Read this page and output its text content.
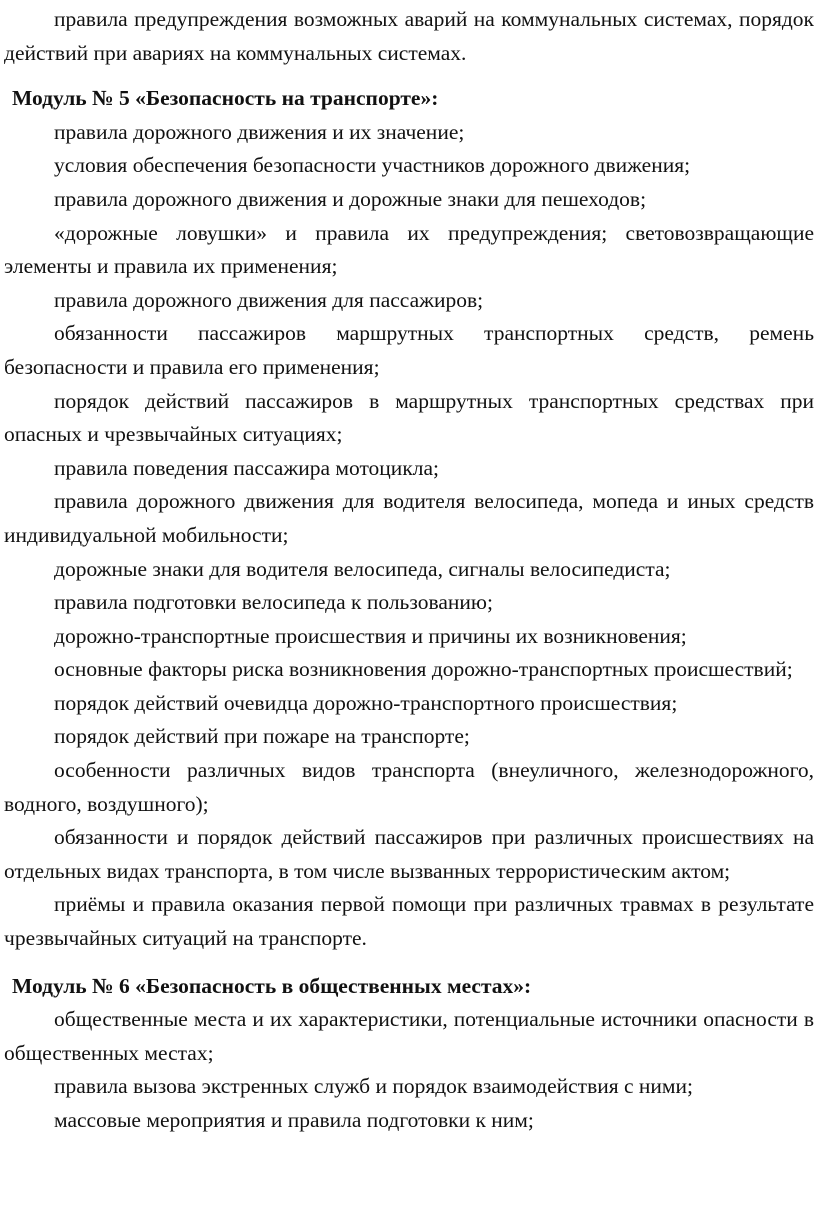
правила предупреждения возможных аварий на коммунальных системах, порядок действий при авариях на коммунальных системах.

Модуль № 5 «Безопасность на транспорте»:

правила дорожного движения и их значение;

условия обеспечения безопасности участников дорожного движения;

правила дорожного движения и дорожные знаки для пешеходов;

«дорожные ловушки» и правила их предупреждения; световозвращающие элементы и правила их применения;

правила дорожного движения для пассажиров;

обязанности пассажиров маршрутных транспортных средств, ремень безопасности и правила его применения;

порядок действий пассажиров в маршрутных транспортных средствах при опасных и чрезвычайных ситуациях;

правила поведения пассажира мотоцикла;

правила дорожного движения для водителя велосипеда, мопеда и иных средств индивидуальной мобильности;

дорожные знаки для водителя велосипеда, сигналы велосипедиста;

правила подготовки велосипеда к пользованию;

дорожно-транспортные происшествия и причины их возникновения;

основные факторы риска возникновения дорожно-транспортных происшествий;

порядок действий очевидца дорожно-транспортного происшествия;

порядок действий при пожаре на транспорте;

особенности различных видов транспорта (внеуличного, железнодорожного, водного, воздушного);

обязанности и порядок действий пассажиров при различных происшествиях на отдельных видах транспорта, в том числе вызванных террористическим актом;

приёмы и правила оказания первой помощи при различных травмах в результате чрезвычайных ситуаций на транспорте.

Модуль № 6 «Безопасность в общественных местах»:

общественные места и их характеристики, потенциальные источники опасности в общественных местах;

правила вызова экстренных служб и порядок взаимодействия с ними;

массовые мероприятия и правила подготовки к ним;
